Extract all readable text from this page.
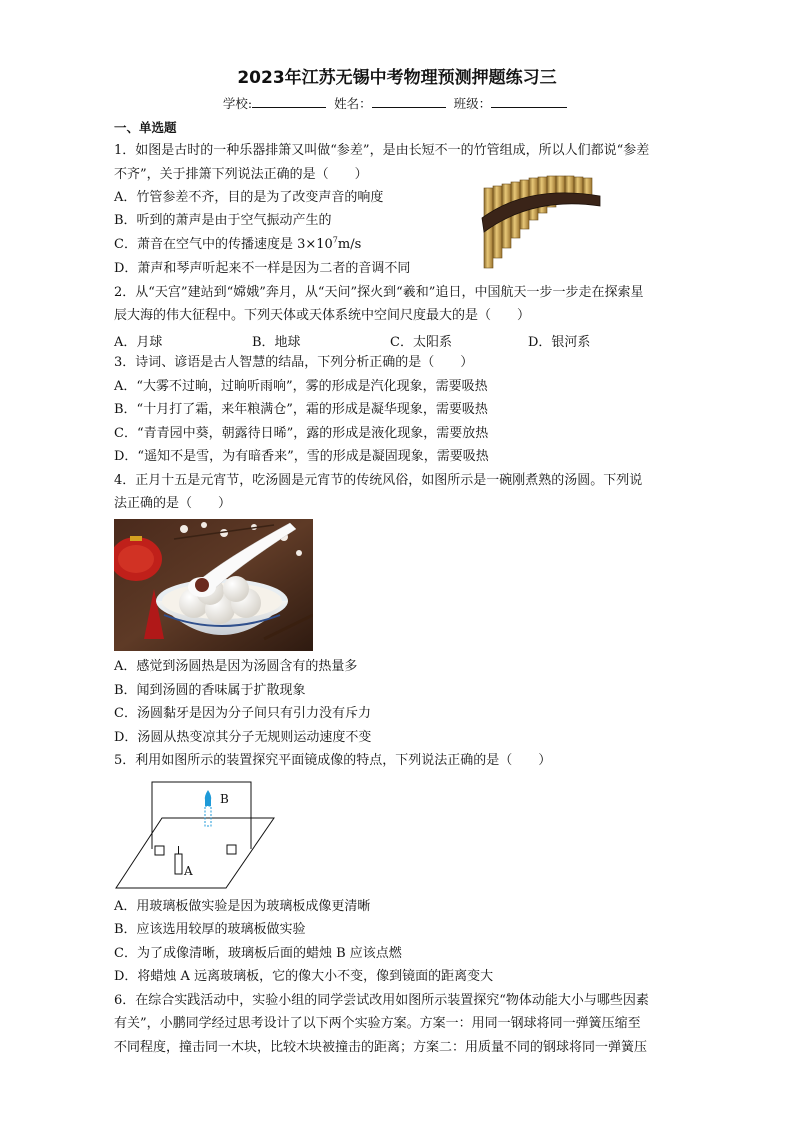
2023年江苏无锡中考物理预测押题练习三
学校:	姓名：	班级：
一、单选题
1．如图是古时的一种乐器排箫又叫做“参差”，是由长短不一的竹管组成，所以人们都说“参差
不齐”，关于排箫下列说法正确的是（　　）
A．竹管参差不齐，目的是为了改变声音的响度
B．听到的萧声是由于空气振动产生的
C．萧音在空气中的传播速度是 $3\times 10^7m/s$
D．萧声和琴声听起来不一样是因为二者的音调不同
2．从“天宫”建站到“嫦娥”奔月，从“天问”探火到“羲和”追日，中国航天一步一步走在探索星
辰大海的伟大征程中。下列天体或天体系统中空间尺度最大的是（　　）
A．月球	B．地球	C．太阳系	D．银河系
3．诗词、谚语是古人智慧的结晶，下列分析正确的是（　　）
A．“大雾不过晌，过晌听雨响”，雾的形成是汽化现象，需要吸热
B．“十月打了霜，来年粮满仓”，霜的形成是凝华现象，需要吸热
C．“青青园中葵，朝露待日晞”，露的形成是液化现象，需要放热
D．“遥知不是雪，为有暗香来”，雪的形成是凝固现象，需要吸热
4．正月十五是元宵节，吃汤圆是元宵节的传统风俗，如图所示是一碗刚煮熟的汤圆。下列说
法正确的是（　　）
A．感觉到汤圆热是因为汤圆含有的热量多
B．闻到汤圆的香味属于扩散现象
C．汤圆黏牙是因为分子间只有引力没有斥力
D．汤圆从热变凉其分子无规则运动速度不变
5．利用如图所示的装置探究平面镜成像的特点，下列说法正确的是（　　）
B
A
A．用玻璃板做实验是因为玻璃板成像更清晰
B．应该选用较厚的玻璃板做实验
C．为了成像清晰，玻璃板后面的蜡烛 B 应该点燃
D．将蜡烛 A 远离玻璃板，它的像大小不变，像到镜面的距离变大
6．在综合实践活动中，实验小组的同学尝试改用如图所示装置探究“物体动能大小与哪些因素
有关”，小鹏同学经过思考设计了以下两个实验方案。方案一：用同一钢球将同一弹簧压缩至
不同程度，撞击同一木块，比较木块被撞击的距离；方案二：用质量不同的钢球将同一弹簧压
